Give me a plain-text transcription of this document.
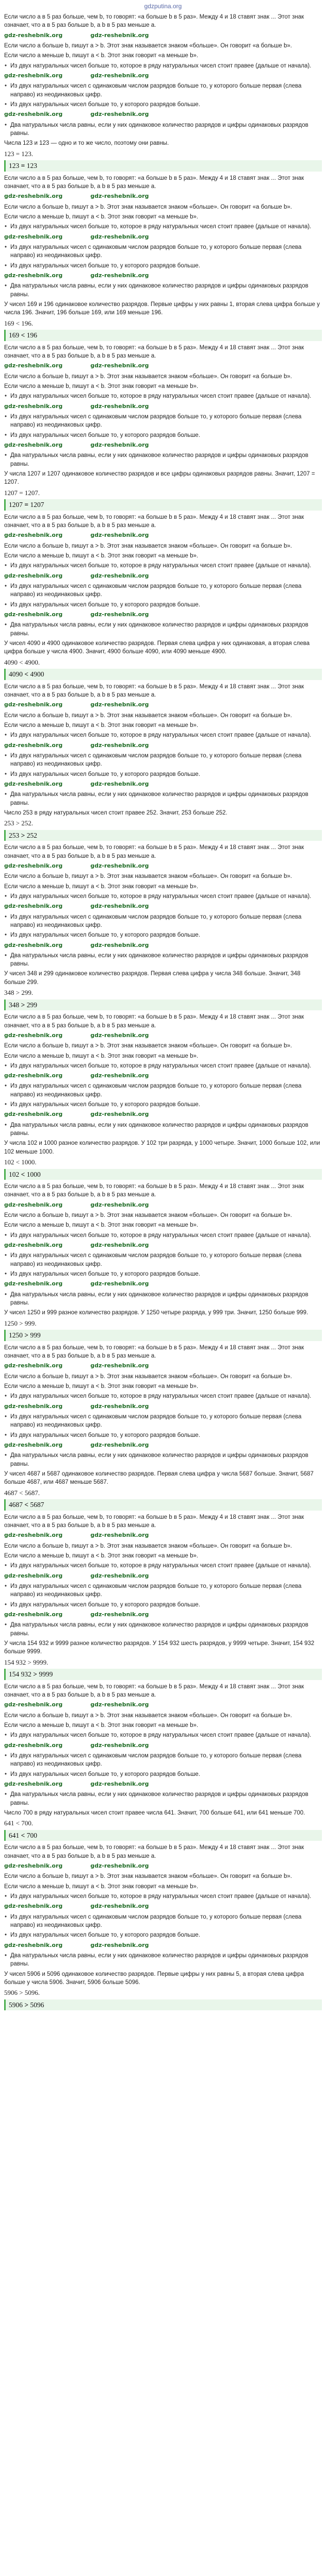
gdzputina.org

Если число a в 5 раз больше, чем b, то говорят: «a больше b в 5 раз». Между 4 и 18 ставят знак ... Этот знак означает, что a в 5 раз больше b, а b в 5 раз меньше a.

gdz-reshebnik.org	gdz-reshebnik.org

Если число a больше b, пишут a > b. Этот знак называется знаком «больше». Он говорит «a больше b».

Если число a меньше b, пишут a < b. Этот знак говорит «a меньше b».

• Из двух натуральных чисел больше то, которое в ряду натуральных чисел стоит правее (дальше от начала).

gdz-reshebnik.org	gdz-reshebnik.org

• Из двух натуральных чисел с одинаковым числом разрядов больше то, у которого больше первая (слева направо) из неодинаковых цифр.

• Из двух натуральных чисел больше то, у которого разрядов больше.

gdz-reshebnik.org	gdz-reshebnik.org

• Два натуральных числа равны, если у них одинаковое количество разрядов и цифры одинаковых разрядов равны.

Числа 123 и 123 — одно и то же число, поэтому они равны.

123 = 123.

123 = 123

Если число a в 5 раз больше, чем b, то говорят: «a больше b в 5 раз». Между 4 и 18 ставят знак ... Этот знак означает, что a в 5 раз больше b, а b в 5 раз меньше a.

gdz-reshebnik.org	gdz-reshebnik.org

Если число a больше b, пишут a > b. Этот знак называется знаком «больше». Он говорит «a больше b».

Если число a меньше b, пишут a < b. Этот знак говорит «a меньше b».

• Из двух натуральных чисел больше то, которое в ряду натуральных чисел стоит правее (дальше от начала).

gdz-reshebnik.org	gdz-reshebnik.org

• Из двух натуральных чисел с одинаковым числом разрядов больше то, у которого больше первая (слева направо) из неодинаковых цифр.

• Из двух натуральных чисел больше то, у которого разрядов больше.

gdz-reshebnik.org	gdz-reshebnik.org

• Два натуральных числа равны, если у них одинаковое количество разрядов и цифры одинаковых разрядов равны.

У чисел 169 и 196 одинаковое количество разрядов. Первые цифры у них равны 1, вторая слева цифра больше у числа 196. Значит, 196 больше 169, или 169 меньше 196.

169 < 196.

169 < 196

Если число a в 5 раз больше, чем b, то говорят: «a больше b в 5 раз». Между 4 и 18 ставят знак ... Этот знак означает, что a в 5 раз больше b, а b в 5 раз меньше a.

gdz-reshebnik.org	gdz-reshebnik.org

Если число a больше b, пишут a > b. Этот знак называется знаком «больше». Он говорит «a больше b».

Если число a меньше b, пишут a < b. Этот знак говорит «a меньше b».

• Из двух натуральных чисел больше то, которое в ряду натуральных чисел стоит правее (дальше от начала).

gdz-reshebnik.org	gdz-reshebnik.org

• Из двух натуральных чисел с одинаковым числом разрядов больше то, у которого больше первая (слева направо) из неодинаковых цифр.

• Из двух натуральных чисел больше то, у которого разрядов больше.

gdz-reshebnik.org	gdz-reshebnik.org

• Два натуральных числа равны, если у них одинаковое количество разрядов и цифры одинаковых разрядов равны.

У числа 1207 и 1207 одинаковое количество разрядов и все цифры одинаковых разрядов равны. Значит, 1207 = 1207.

1207 = 1207.

1207 = 1207

Если число a в 5 раз больше, чем b, то говорят: «a больше b в 5 раз». Между 4 и 18 ставят знак ... Этот знак означает, что a в 5 раз больше b, а b в 5 раз меньше a.

gdz-reshebnik.org	gdz-reshebnik.org

Если число a больше b, пишут a > b. Этот знак называется знаком «больше». Он говорит «a больше b».

Если число a меньше b, пишут a < b. Этот знак говорит «a меньше b».

• Из двух натуральных чисел больше то, которое в ряду натуральных чисел стоит правее (дальше от начала).

gdz-reshebnik.org	gdz-reshebnik.org

• Из двух натуральных чисел с одинаковым числом разрядов больше то, у которого больше первая (слева направо) из неодинаковых цифр.

• Из двух натуральных чисел больше то, у которого разрядов больше.

gdz-reshebnik.org	gdz-reshebnik.org

• Два натуральных числа равны, если у них одинаковое количество разрядов и цифры одинаковых разрядов равны.

У чисел 4090 и 4900 одинаковое количество разрядов. Первая слева цифра у них одинаковая, а вторая слева цифра больше у числа 4900. Значит, 4900 больше 4090, или 4090 меньше 4900.

4090 < 4900.

4090 < 4900

Если число a в 5 раз больше, чем b, то говорят: «a больше b в 5 раз». Между 4 и 18 ставят знак ... Этот знак означает, что a в 5 раз больше b, а b в 5 раз меньше a.

gdz-reshebnik.org	gdz-reshebnik.org

Если число a больше b, пишут a > b. Этот знак называется знаком «больше». Он говорит «a больше b».

Если число a меньше b, пишут a < b. Этот знак говорит «a меньше b».

• Из двух натуральных чисел больше то, которое в ряду натуральных чисел стоит правее (дальше от начала).

gdz-reshebnik.org	gdz-reshebnik.org

• Из двух натуральных чисел с одинаковым числом разрядов больше то, у которого больше первая (слева направо) из неодинаковых цифр.

• Из двух натуральных чисел больше то, у которого разрядов больше.

gdz-reshebnik.org	gdz-reshebnik.org

• Два натуральных числа равны, если у них одинаковое количество разрядов и цифры одинаковых разрядов равны.

Число 253 в ряду натуральных чисел стоит правее 252. Значит, 253 больше 252.

253 > 252.

253 > 252

Если число a в 5 раз больше, чем b, то говорят: «a больше b в 5 раз». Между 4 и 18 ставят знак ... Этот знак означает, что a в 5 раз больше b, а b в 5 раз меньше a.

gdz-reshebnik.org	gdz-reshebnik.org

Если число a больше b, пишут a > b. Этот знак называется знаком «больше». Он говорит «a больше b».

Если число a меньше b, пишут a < b. Этот знак говорит «a меньше b».

• Из двух натуральных чисел больше то, которое в ряду натуральных чисел стоит правее (дальше от начала).

gdz-reshebnik.org	gdz-reshebnik.org

• Из двух натуральных чисел с одинаковым числом разрядов больше то, у которого больше первая (слева направо) из неодинаковых цифр.

• Из двух натуральных чисел больше то, у которого разрядов больше.

gdz-reshebnik.org	gdz-reshebnik.org

• Два натуральных числа равны, если у них одинаковое количество разрядов и цифры одинаковых разрядов равны.

У чисел 348 и 299 одинаковое количество разрядов. Первая слева цифра у числа 348 больше. Значит, 348 больше 299.

348 > 299.

348 > 299

Если число a в 5 раз больше, чем b, то говорят: «a больше b в 5 раз». Между 4 и 18 ставят знак ... Этот знак означает, что a в 5 раз больше b, а b в 5 раз меньше a.

gdz-reshebnik.org	gdz-reshebnik.org

Если число a больше b, пишут a > b. Этот знак называется знаком «больше». Он говорит «a больше b».

Если число a меньше b, пишут a < b. Этот знак говорит «a меньше b».

• Из двух натуральных чисел больше то, которое в ряду натуральных чисел стоит правее (дальше от начала).

gdz-reshebnik.org	gdz-reshebnik.org

• Из двух натуральных чисел с одинаковым числом разрядов больше то, у которого больше первая (слева направо) из неодинаковых цифр.

• Из двух натуральных чисел больше то, у которого разрядов больше.

gdz-reshebnik.org	gdz-reshebnik.org

• Два натуральных числа равны, если у них одинаковое количество разрядов и цифры одинаковых разрядов равны.

У числа 102 и 1000 разное количество разрядов. У 102 три разряда, у 1000 четыре. Значит, 1000 больше 102, или 102 меньше 1000.

102 < 1000.

102 < 1000

Если число a в 5 раз больше, чем b, то говорят: «a больше b в 5 раз». Между 4 и 18 ставят знак ... Этот знак означает, что a в 5 раз больше b, а b в 5 раз меньше a.

gdz-reshebnik.org	gdz-reshebnik.org

Если число a больше b, пишут a > b. Этот знак называется знаком «больше». Он говорит «a больше b».

Если число a меньше b, пишут a < b. Этот знак говорит «a меньше b».

• Из двух натуральных чисел больше то, которое в ряду натуральных чисел стоит правее (дальше от начала).

gdz-reshebnik.org	gdz-reshebnik.org

• Из двух натуральных чисел с одинаковым числом разрядов больше то, у которого больше первая (слева направо) из неодинаковых цифр.

• Из двух натуральных чисел больше то, у которого разрядов больше.

gdz-reshebnik.org	gdz-reshebnik.org

• Два натуральных числа равны, если у них одинаковое количество разрядов и цифры одинаковых разрядов равны.

У чисел 1250 и 999 разное количество разрядов. У 1250 четыре разряда, у 999 три. Значит, 1250 больше 999.

1250 > 999.

1250 > 999

Если число a в 5 раз больше, чем b, то говорят: «a больше b в 5 раз». Между 4 и 18 ставят знак ... Этот знак означает, что a в 5 раз больше b, а b в 5 раз меньше a.

gdz-reshebnik.org	gdz-reshebnik.org

Если число a больше b, пишут a > b. Этот знак называется знаком «больше». Он говорит «a больше b».

Если число a меньше b, пишут a < b. Этот знак говорит «a меньше b».

• Из двух натуральных чисел больше то, которое в ряду натуральных чисел стоит правее (дальше от начала).

gdz-reshebnik.org	gdz-reshebnik.org

• Из двух натуральных чисел с одинаковым числом разрядов больше то, у которого больше первая (слева направо) из неодинаковых цифр.

• Из двух натуральных чисел больше то, у которого разрядов больше.

gdz-reshebnik.org	gdz-reshebnik.org

• Два натуральных числа равны, если у них одинаковое количество разрядов и цифры одинаковых разрядов равны.

У чисел 4687 и 5687 одинаковое количество разрядов. Первая слева цифра у числа 5687 больше. Значит, 5687 больше 4687, или 4687 меньше 5687.

4687 < 5687.

4687 < 5687

Если число a в 5 раз больше, чем b, то говорят: «a больше b в 5 раз». Между 4 и 18 ставят знак ... Этот знак означает, что a в 5 раз больше b, а b в 5 раз меньше a.

gdz-reshebnik.org	gdz-reshebnik.org

Если число a больше b, пишут a > b. Этот знак называется знаком «больше». Он говорит «a больше b».

Если число a меньше b, пишут a < b. Этот знак говорит «a меньше b».

• Из двух натуральных чисел больше то, которое в ряду натуральных чисел стоит правее (дальше от начала).

gdz-reshebnik.org	gdz-reshebnik.org

• Из двух натуральных чисел с одинаковым числом разрядов больше то, у которого больше первая (слева направо) из неодинаковых цифр.

• Из двух натуральных чисел больше то, у которого разрядов больше.

gdz-reshebnik.org	gdz-reshebnik.org

• Два натуральных числа равны, если у них одинаковое количество разрядов и цифры одинаковых разрядов равны.

У числа 154 932 и 9999 разное количество разрядов. У 154 932 шесть разрядов, у 9999 четыре. Значит, 154 932 больше 9999.

154 932 > 9999.

154 932 > 9999

Если число a в 5 раз больше, чем b, то говорят: «a больше b в 5 раз». Между 4 и 18 ставят знак ... Этот знак означает, что a в 5 раз больше b, а b в 5 раз меньше a.

gdz-reshebnik.org	gdz-reshebnik.org

Если число a больше b, пишут a > b. Этот знак называется знаком «больше». Он говорит «a больше b».

Если число a меньше b, пишут a < b. Этот знак говорит «a меньше b».

• Из двух натуральных чисел больше то, которое в ряду натуральных чисел стоит правее (дальше от начала).

gdz-reshebnik.org	gdz-reshebnik.org

• Из двух натуральных чисел с одинаковым числом разрядов больше то, у которого больше первая (слева направо) из неодинаковых цифр.

• Из двух натуральных чисел больше то, у которого разрядов больше.

gdz-reshebnik.org	gdz-reshebnik.org

• Два натуральных числа равны, если у них одинаковое количество разрядов и цифры одинаковых разрядов равны.

Число 700 в ряду натуральных чисел стоит правее числа 641. Значит, 700 больше 641, или 641 меньше 700.

641 < 700.

641 < 700

Если число a в 5 раз больше, чем b, то говорят: «a больше b в 5 раз». Между 4 и 18 ставят знак ... Этот знак означает, что a в 5 раз больше b, а b в 5 раз меньше a.

gdz-reshebnik.org	gdz-reshebnik.org

Если число a больше b, пишут a > b. Этот знак называется знаком «больше». Он говорит «a больше b».

Если число a меньше b, пишут a < b. Этот знак говорит «a меньше b».

• Из двух натуральных чисел больше то, которое в ряду натуральных чисел стоит правее (дальше от начала).

gdz-reshebnik.org	gdz-reshebnik.org

• Из двух натуральных чисел с одинаковым числом разрядов больше то, у которого больше первая (слева направо) из неодинаковых цифр.

• Из двух натуральных чисел больше то, у которого разрядов больше.

gdz-reshebnik.org	gdz-reshebnik.org

• Два натуральных числа равны, если у них одинаковое количество разрядов и цифры одинаковых разрядов равны.

У чисел 5906 и 5096 одинаковое количество разрядов. Первые цифры у них равны 5, а вторая слева цифра больше у числа 5906. Значит, 5906 больше 5096.

5906 > 5096.

5906 > 5096
